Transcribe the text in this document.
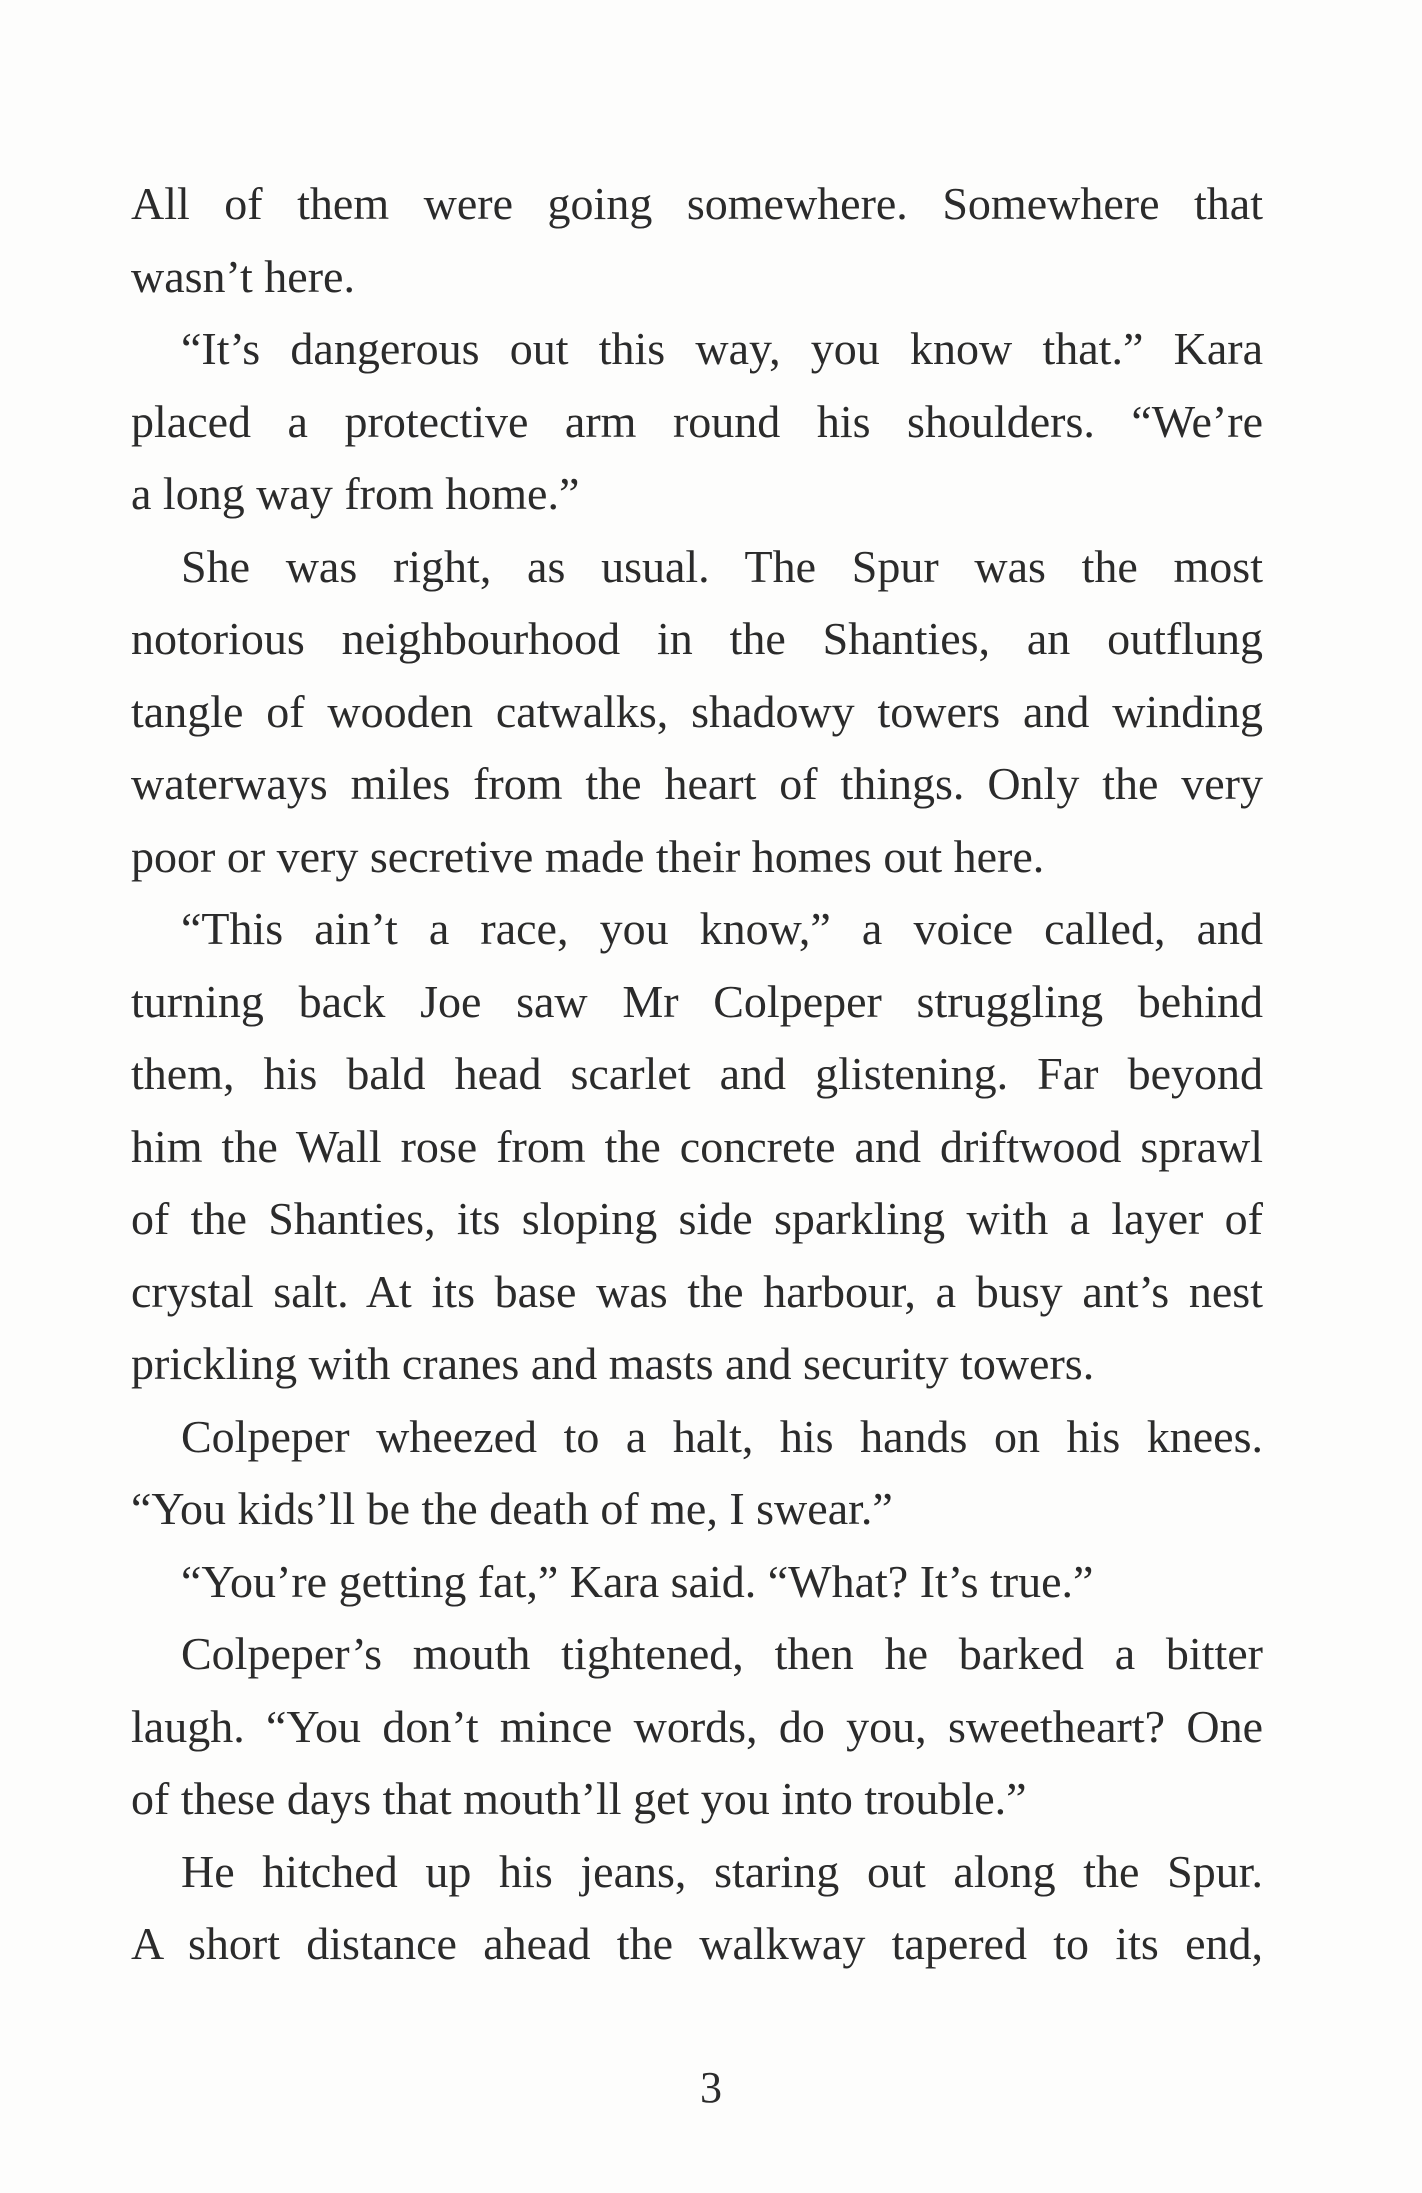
All of them were going somewhere. Somewhere that
wasn’t here.
“It’s dangerous out this way, you know that.” Kara
placed a protective arm round his shoulders. “We’re
a long way from home.”
She was right, as usual. The Spur was the most
notorious neighbourhood in the Shanties, an outflung
tangle of wooden catwalks, shadowy towers and winding
waterways miles from the heart of things. Only the very
poor or very secretive made their homes out here.
“This ain’t a race, you know,” a voice called, and
turning back Joe saw Mr Colpeper struggling behind
them, his bald head scarlet and glistening. Far beyond
him the Wall rose from the concrete and driftwood sprawl
of the Shanties, its sloping side sparkling with a layer of
crystal salt. At its base was the harbour, a busy ant’s nest
prickling with cranes and masts and security towers.
Colpeper wheezed to a halt, his hands on his knees.
“You kids’ll be the death of me, I swear.”
“You’re getting fat,” Kara said. “What? It’s true.”
Colpeper’s mouth tightened, then he barked a bitter
laugh. “You don’t mince words, do you, sweetheart? One
of these days that mouth’ll get you into trouble.”
He hitched up his jeans, staring out along the Spur.
A short distance ahead the walkway tapered to its end,
3
